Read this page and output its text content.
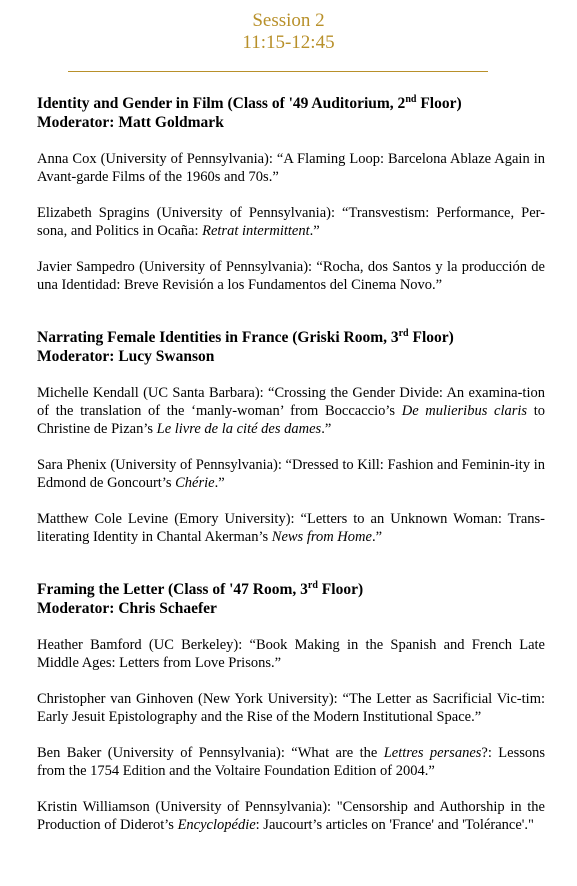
Session 2
11:15-12:45
Identity and Gender in Film (Class of '49 Auditorium, 2nd Floor)
Moderator: Matt Goldmark
Anna Cox (University of Pennsylvania): “A Flaming Loop: Barcelona Ablaze Again in Avant-garde Films of the 1960s and 70s.”
Elizabeth Spragins (University of Pennsylvania): “Transvestism: Performance, Per-sona, and Politics in Ocaña: Retrat intermittent.”
Javier Sampedro (University of Pennsylvania): “Rocha, dos Santos y la producción de una Identidad: Breve Revisión a los Fundamentos del Cinema Novo.”
Narrating Female Identities in France (Griski Room, 3rd Floor)
Moderator: Lucy Swanson
Michelle Kendall (UC Santa Barbara): “Crossing the Gender Divide: An examina-tion of the translation of the ‘manly-woman’ from Boccaccio’s De mulieribus claris to Christine de Pizan’s Le livre de la cité des dames.”
Sara Phenix (University of Pennsylvania): “Dressed to Kill: Fashion and Feminin-ity in Edmond de Goncourt’s Chérie.”
Matthew Cole Levine (Emory University): “Letters to an Unknown Woman: Trans-literating Identity in Chantal Akerman’s News from Home.”
Framing the Letter (Class of '47 Room, 3rd Floor)
Moderator: Chris Schaefer
Heather Bamford (UC Berkeley): “Book Making in the Spanish and French Late Middle Ages: Letters from Love Prisons.”
Christopher van Ginhoven (New York University): “The Letter as Sacrificial Vic-tim: Early Jesuit Epistolography and the Rise of the Modern Institutional Space.”
Ben Baker (University of Pennsylvania): “What are the Lettres persanes?: Lessons from the 1754 Edition and the Voltaire Foundation Edition of 2004.”
Kristin Williamson (University of Pennsylvania): "Censorship and Authorship in the Production of Diderot’s Encyclopédie: Jaucourt’s articles on 'France' and 'Tolérance'."
